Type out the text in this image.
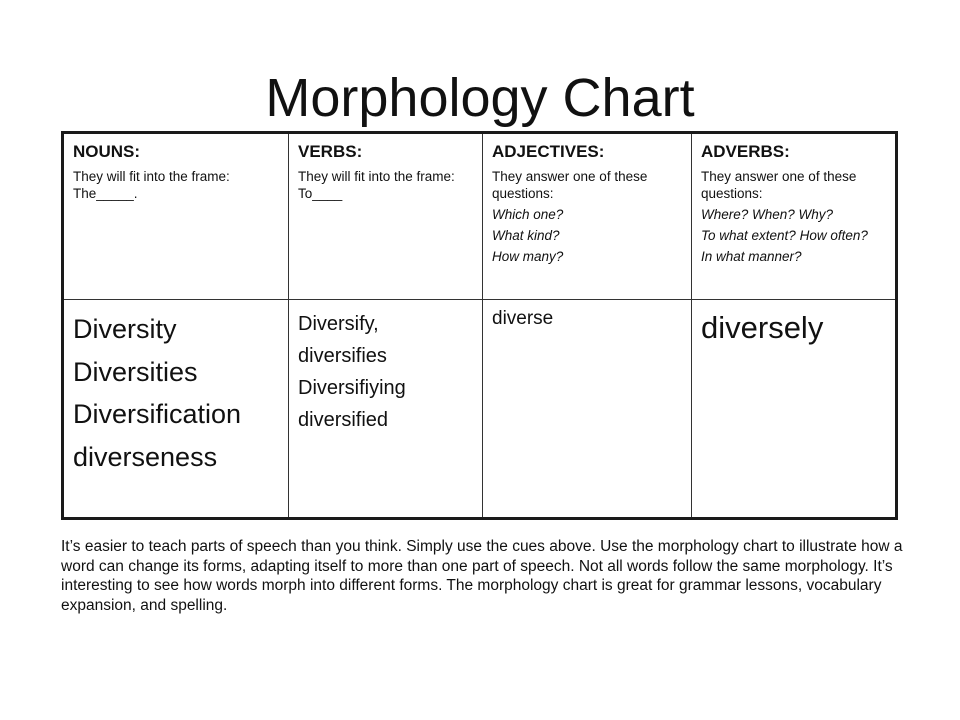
Morphology Chart
NOUNS:
They will fit into the frame: The_____.
VERBS:
They will fit into the frame: To____
ADJECTIVES:
They answer one of these questions:
Which one?
What kind?
How many?
ADVERBS:
They answer one of these questions:
Where? When? Why?
To what extent? How often?
In what manner?
Diversity
Diversities
Diversification
diverseness
Diversify,
diversifies
Diversifiying
diversified
diverse	diversely

It’s easier to teach parts of speech than you think. Simply use the cues above. Use the morphology chart to illustrate how a word can change its forms, adapting itself to more than one part of speech. Not all words follow the same morphology. It’s interesting to see how words morph into different forms. The morphology chart is great for grammar lessons, vocabulary expansion, and spelling.
